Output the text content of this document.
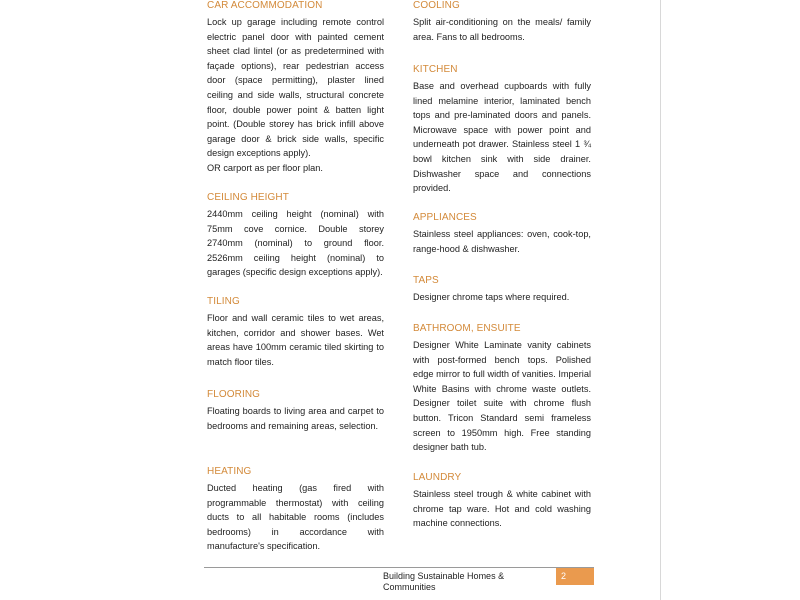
CAR ACCOMMODATION

Lock up garage including remote control electric panel door with painted cement sheet clad lintel (or as predetermined with façade options), rear pedestrian access door (space permitting), plaster lined ceiling and side walls, structural concrete floor, double power point & batten light point. (Double storey has brick infill above garage door & brick side walls, specific design exceptions apply).
OR carport as per floor plan.

CEILING HEIGHT

2440mm ceiling height (nominal) with 75mm cove cornice. Double storey 2740mm (nominal) to ground floor. 2526mm ceiling height (nominal) to garages (specific design exceptions apply).

TILING

Floor and wall ceramic tiles to wet areas, kitchen, corridor and shower bases. Wet areas have 100mm ceramic tiled skirting to match floor tiles.

FLOORING

Floating boards to living area and carpet to bedrooms and remaining areas, selection.

HEATING

Ducted heating (gas fired with programmable thermostat) with ceiling ducts to all habitable rooms (includes bedrooms) in accordance with manufacture's specification.

COOLING

Split air-conditioning on the meals/ family area. Fans to all bedrooms.

KITCHEN

Base and overhead cupboards with fully lined melamine interior, laminated bench tops and pre-laminated doors and panels. Microwave space with power point and underneath pot drawer. Stainless steel 1 ¾ bowl kitchen sink with side drainer. Dishwasher space and connections provided.

APPLIANCES

Stainless steel appliances: oven, cook-top, range-hood & dishwasher.

TAPS

Designer chrome taps where required.

BATHROOM, ENSUITE

Designer White Laminate vanity cabinets with post-formed bench tops. Polished edge mirror to full width of vanities. Imperial White Basins with chrome waste outlets. Designer toilet suite with chrome flush button. Tricon Standard semi frameless screen to 1950mm high. Free standing designer bath tub.

LAUNDRY

Stainless steel trough & white cabinet with chrome tap ware. Hot and cold washing machine connections.

Building Sustainable Homes & Communities
2
